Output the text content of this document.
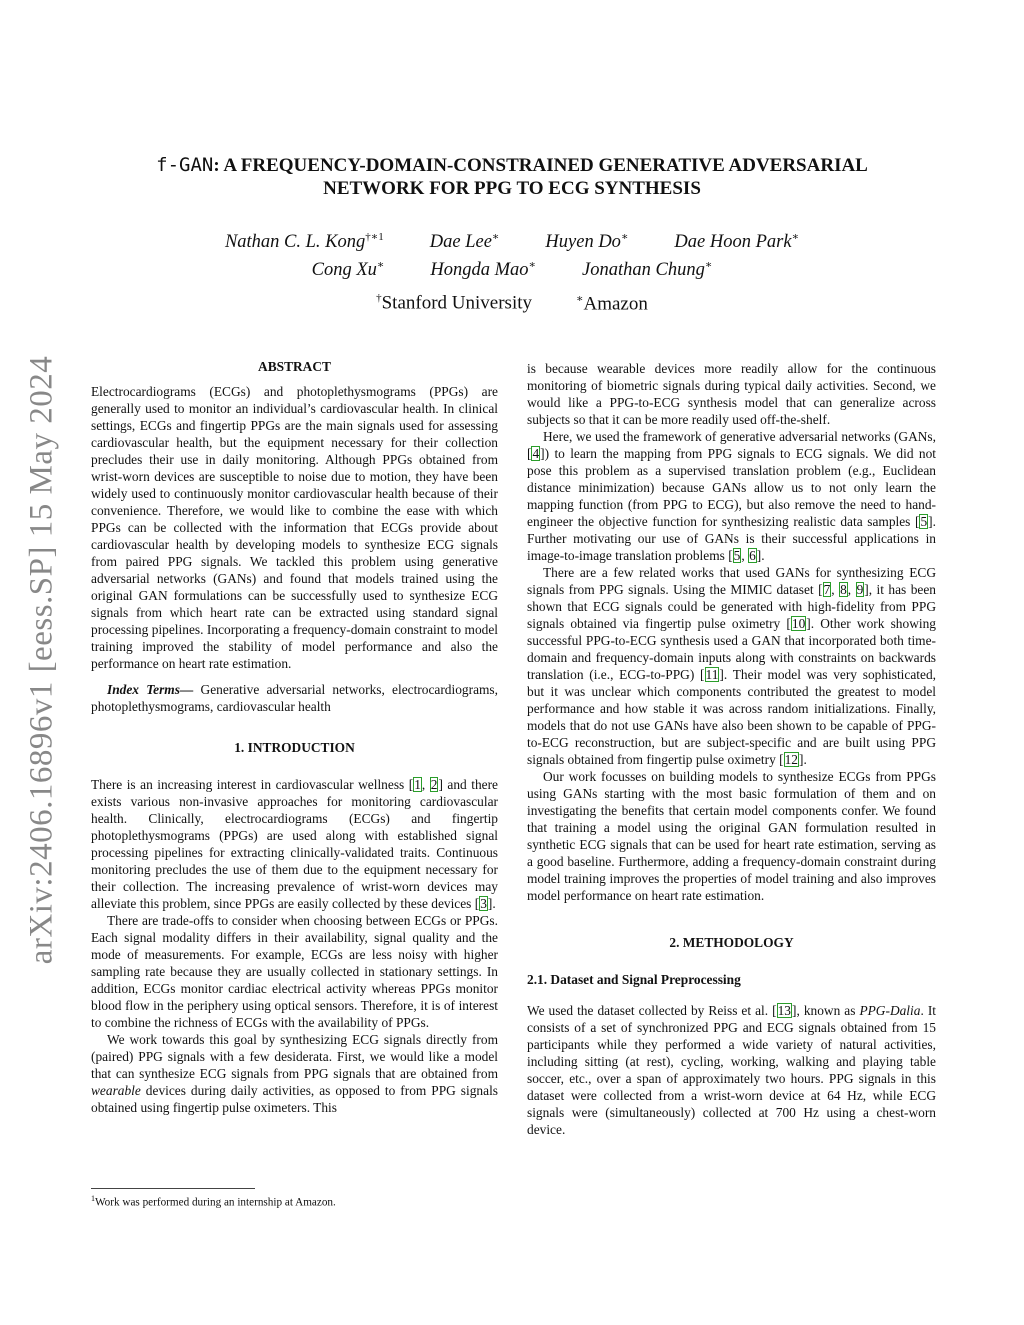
arXiv:2406.16896v1 [eess.SP] 15 May 2024
f-GAN: A FREQUENCY-DOMAIN-CONSTRAINED GENERATIVE ADVERSARIAL
NETWORK FOR PPG TO ECG SYNTHESIS
Nathan C. L. Kong$^{\dagger∗1}$ Dae Lee∗ Huyen Do∗ Dae Hoon Park∗
Cong Xu∗ Hongda Mao∗ Jonathan Chung∗
†Stanford University	∗Amazon
ABSTRACT

Electrocardiograms (ECGs) and photoplethysmograms (PPGs) are generally used to monitor an individual’s cardiovascular health. In clinical settings, ECGs and fingertip PPGs are the main signals used for assessing cardiovascular health, but the equipment necessary for their collection precludes their use in daily monitoring. Although PPGs obtained from wrist-worn devices are susceptible to noise due to motion, they have been widely used to continuously monitor cardiovascular health because of their convenience. Therefore, we would like to combine the ease with which PPGs can be collected with the information that ECGs provide about cardiovascular health by developing models to synthesize ECG signals from paired PPG signals. We tackled this problem using generative adversarial networks (GANs) and found that models trained using the original GAN formulations can be successfully used to synthesize ECG signals from which heart rate can be extracted using standard signal processing pipelines. Incorporating a frequency-domain constraint to model training improved the stability of model performance and also the performance on heart rate estimation.

Index Terms— Generative adversarial networks, electrocardiograms, photoplethysmograms, cardiovascular health

1. INTRODUCTION

There is an increasing interest in cardiovascular wellness [1, 2] and there exists various non-invasive approaches for monitoring cardiovascular health. Clinically, electrocardiograms (ECGs) and fingertip photoplethysmograms (PPGs) are used along with established signal processing pipelines for extracting clinically-validated traits. Continuous monitoring precludes the use of them due to the equipment necessary for their collection. The increasing prevalence of wrist-worn devices may alleviate this problem, since PPGs are easily collected by these devices [3].

There are trade-offs to consider when choosing between ECGs or PPGs. Each signal modality differs in their availability, signal quality and the mode of measurements. For example, ECGs are less noisy with higher sampling rate because they are usually collected in stationary settings. In addition, ECGs monitor cardiac electrical activity whereas PPGs monitor blood flow in the periphery using optical sensors. Therefore, it is of interest to combine the richness of ECGs with the availability of PPGs.

We work towards this goal by synthesizing ECG signals directly from (paired) PPG signals with a few desiderata. First, we would like a model that can synthesize ECG signals from PPG signals that are obtained from wearable devices during daily activities, as opposed to from PPG signals obtained using fingertip pulse oximeters. This

$^1$Work was performed during an internship at Amazon.

is because wearable devices more readily allow for the continuous monitoring of biometric signals during typical daily activities. Second, we would like a PPG-to-ECG synthesis model that can generalize across subjects so that it can be more readily used off-the-shelf.

Here, we used the framework of generative adversarial networks (GANs, [4]) to learn the mapping from PPG signals to ECG signals. We did not pose this problem as a supervised translation problem (e.g., Euclidean distance minimization) because GANs allow us to not only learn the mapping function (from PPG to ECG), but also remove the need to hand-engineer the objective function for synthesizing realistic data samples [5]. Further motivating our use of GANs is their successful applications in image-to-image translation problems [5, 6].

There are a few related works that used GANs for synthesizing ECG signals from PPG signals. Using the MIMIC dataset [7, 8, 9], it has been shown that ECG signals could be generated with high-fidelity from PPG signals obtained via fingertip pulse oximetry [10]. Other work showing successful PPG-to-ECG synthesis used a GAN that incorporated both time-domain and frequency-domain inputs along with constraints on backwards translation (i.e., ECG-to-PPG) [11]. Their model was very sophisticated, but it was unclear which components contributed the greatest to model performance and how stable it was across random initializations. Finally, models that do not use GANs have also been shown to be capable of PPG-to-ECG reconstruction, but are subject-specific and are built using PPG signals obtained from fingertip pulse oximetry [12].

Our work focusses on building models to synthesize ECGs from PPGs using GANs starting with the most basic formulation of them and on investigating the benefits that certain model components confer. We found that training a model using the original GAN formulation resulted in synthetic ECG signals that can be used for heart rate estimation, serving as a good baseline. Furthermore, adding a frequency-domain constraint during model training improves the properties of model training and also improves model performance on heart rate estimation.

2. METHODOLOGY
2.1. Dataset and Signal Preprocessing

We used the dataset collected by Reiss et al. [13], known as PPG-Dalia. It consists of a set of synchronized PPG and ECG signals obtained from 15 participants while they performed a wide variety of natural activities, including sitting (at rest), cycling, working, walking and playing table soccer, etc., over a span of approximately two hours. PPG signals in this dataset were collected from a wrist-worn device at 64 Hz, while ECG signals were (simultaneously) collected at 700 Hz using a chest-worn device.
